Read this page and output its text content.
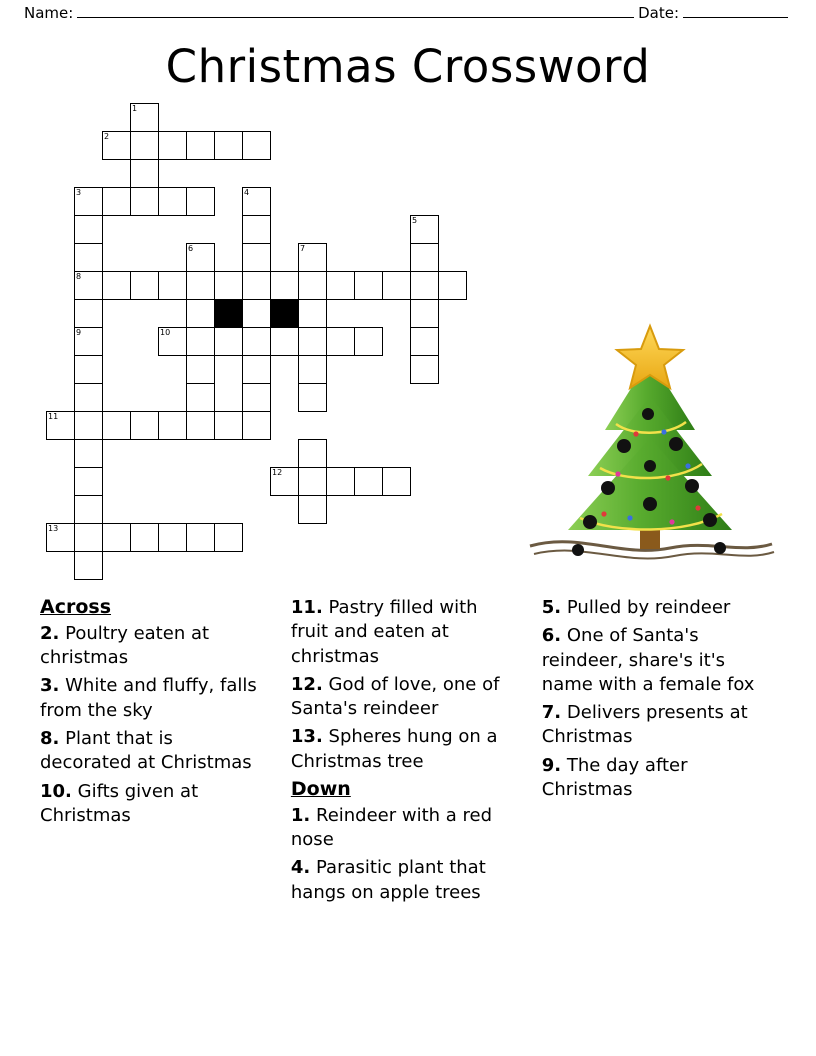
Name:	Date:
Christmas Crossword
1
2
3	4
5
6	7
8
9	10
11
12
13
Across

2. Poultry eaten at christmas

3. White and fluffy, falls from the sky

8. Plant that is decorated at Christmas

10. Gifts given at Christmas

11. Pastry filled with fruit and eaten at christmas

12. God of love, one of Santa's reindeer

13. Spheres hung on a Christmas tree

Down

1. Reindeer with a red nose

4. Parasitic plant that hangs on apple trees

5. Pulled by reindeer

6. One of Santa's reindeer, share's it's name with a female fox

7. Delivers presents at Christmas

9. The day after Christmas
